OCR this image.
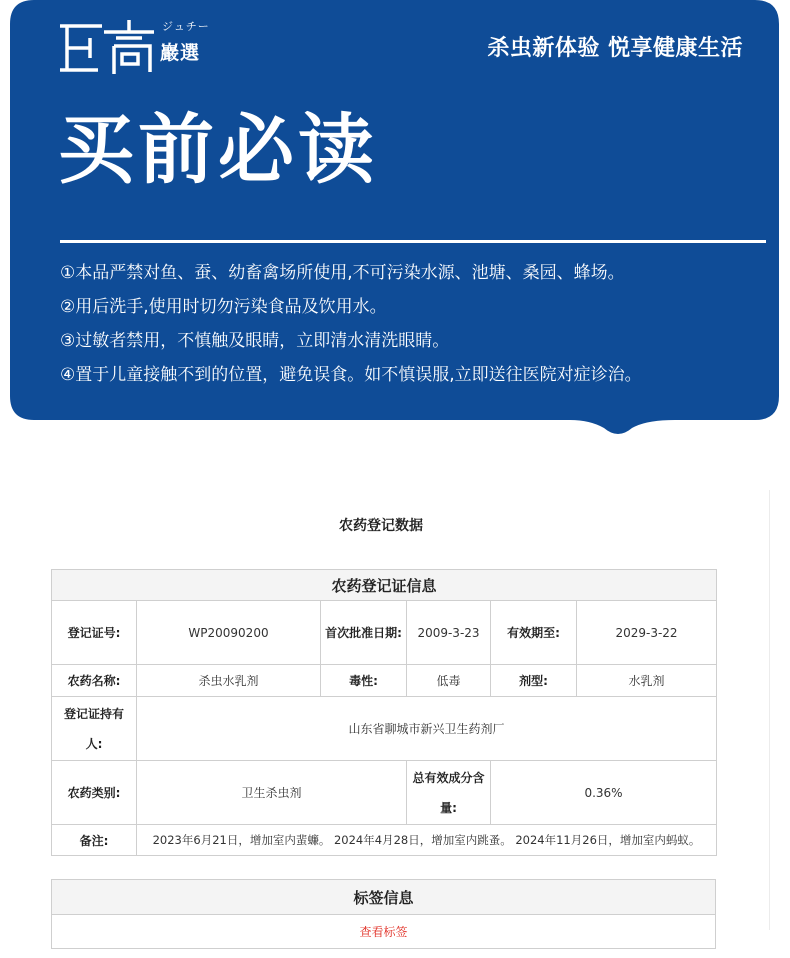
ジュチー
巖選	杀虫新体验 悦享健康生活
买前必读
①本品严禁对鱼、蚕、幼畜禽场所使用,不可污染水源、池塘、桑园、蜂场。
②用后洗手,使用时切勿污染食品及饮用水。
③过敏者禁用，不慎触及眼睛，立即清水清洗眼睛。
④置于儿童接触不到的位置，避免误食。如不慎误服,立即送往医院对症诊治。
农药登记数据
农药登记证信息					
登记证号:	WP20090200	首次批准日期:	2009-3-23	有效期至:	2029-3-22
农药名称:	杀虫水乳剂	毒性:	低毒	剂型:	水乳剂
登记证持有人:	山东省聊城市新兴卫生药剂厂				
农药类别:	卫生杀虫剂		总有效成分含量:	0.36%	
备注:	2023年6月21日，增加室内蜚蠊。 2024年4月28日，增加室内跳蚤。 2024年11月26日，增加室内蚂蚁。				
标签信息
查看标签
